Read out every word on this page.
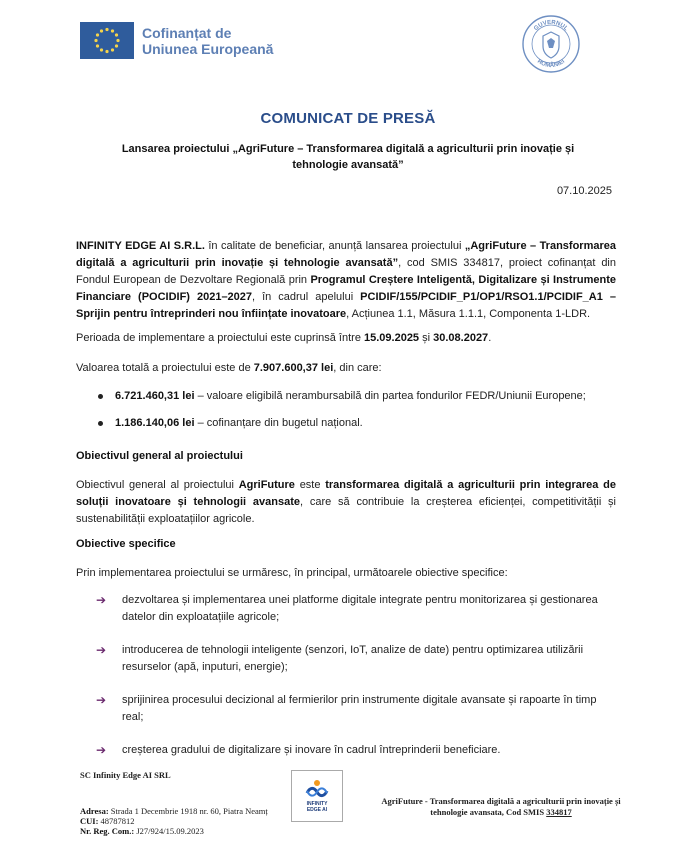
Cofinanțat de
Uniunea Europeană
GUVERNUL
ROMÂNIEI
COMUNICAT DE PRESĂ
Lansarea proiectului „AgriFuture – Transformarea digitală a agriculturii prin inovație și tehnologie avansată”
07.10.2025
INFINITY EDGE AI S.R.L. în calitate de beneficiar, anunță lansarea proiectului „AgriFuture – Transformarea digitală a agriculturii prin inovație și tehnologie avansată”, cod SMIS 334817, proiect cofinanțat din Fondul European de Dezvoltare Regională prin Programul Creștere Inteligentă, Digitalizare și Instrumente Financiare (POCIDIF) 2021–2027, în cadrul apelului PCIDIF/155/PCIDIF_P1/OP1/RSO1.1/PCIDIF_A1 – Sprijin pentru întreprinderi nou înființate inovatoare, Acțiunea 1.1, Măsura 1.1.1, Componenta 1-LDR.
Perioada de implementare a proiectului este cuprinsă între 15.09.2025 și 30.08.2027.
Valoarea totală a proiectului este de 7.907.600,37 lei, din care:
6.721.460,31 lei – valoare eligibilă nerambursabilă din partea fondurilor FEDR/Uniunii Europene;
1.186.140,06 lei – cofinanțare din bugetul național.
Obiectivul general al proiectului
Obiectivul general al proiectului AgriFuture este transformarea digitală a agriculturii prin integrarea de soluții inovatoare și tehnologii avansate, care să contribuie la creșterea eficienței, competitivității și sustenabilității exploatațiilor agricole.
Obiective specifice
Prin implementarea proiectului se urmăresc, în principal, următoarele obiective specifice:
➔	dezvoltarea și implementarea unei platforme digitale integrate pentru monitorizarea și gestionarea datelor din exploatațiile agricole;
➔	introducerea de tehnologii inteligente (senzori, IoT, analize de date) pentru optimizarea utilizării resurselor (apă, inputuri, energie);
➔	sprijinirea procesului decizional al fermierilor prin instrumente digitale avansate și rapoarte în timp real;
➔	creșterea gradului de digitalizare și inovare în cadrul întreprinderii beneficiare.
SC Infinity Edge AI SRL
INFINITY
EDGE AI
Adresa: Strada 1 Decembrie 1918 nr. 60, Piatra Neamț
CUI: 48787812
Nr. Reg. Com.: J27/924/15.09.2023
AgriFuture - Transformarea digitală a agriculturii prin inovație și tehnologie avansata, Cod SMIS 334817
